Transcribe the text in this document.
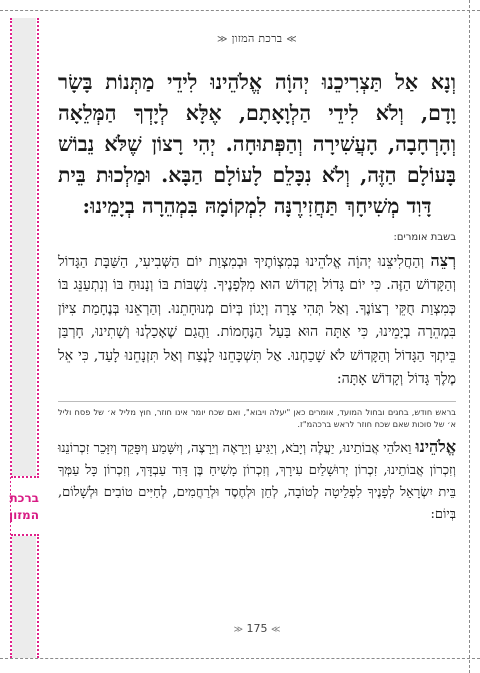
ברכת
המזון
≫ ברכת המזון ≪
וְנָא אַל תַּצְרִיכֵנוּ יְהוָֹה אֱלֹהֵינוּ לִידֵי מַתְּנוֹת בָּשָׂר וָדָם, וְלֹא לִידֵי הַלְוָאָתָם, אֶלָּא לְיָדְךָ הַמְּלֵאָה וְהָרְחָבָה, הָעֲשִׁירָה וְהַפְּתוּחָה. יְהִי רָצוֹן שֶׁלֹּא נֵבוֹשׁ בָּעוֹלָם הַזֶּה, וְלֹא נִכָּלֵם לָעוֹלָם הַבָּא. וּמַלְכוּת בֵּית דָּוִד מְשִׁיחָךְ תַּחֲזִירֶנָּה לִמְקוֹמָהּ בִּמְהֵרָה בְיָמֵינוּ:
בשבת אומרים:
רְצֵה וְהַחֲלִיצֵנוּ יְהוָֹה אֱלֹהֵינוּ בְּמִצְוֹתֶיךָ וּבְמִצְוַת יוֹם הַשְּׁבִיעִי, הַשַּׁבָּת הַגָּדוֹל וְהַקָּדוֹשׁ הַזֶּה. כִּי יוֹם גָּדוֹל וְקָדוֹשׁ הוּא מִלְּפָנֶיךָ. נִשְׁבּוֹת בּוֹ וְנָנוּחַ בּוֹ וְנִתְעַנֵּג בּוֹ כְּמִצְוַת חֻקֵּי רְצוֹנֶךָ. וְאַל תְּהִי צָרָה וְיָגוֹן בְּיוֹם מְנוּחָתֵנוּ. וְהַרְאֵנוּ בְּנֶחָמַת צִיּוֹן בִּמְהֵרָה בְיָמֵינוּ, כִּי אַתָּה הוּא בַּעַל הַנֶּחָמוֹת. וַהֲגַם שֶׁאָכַלְנוּ וְשָׁתִינוּ, חָרְבַּן בֵּיתְךָ הַגָּדוֹל וְהַקָּדוֹשׁ לֹא שָׁכַחְנוּ. אַל תִּשְׁכָּחֵנוּ לָנֶצַח וְאַל תִּזְנָחֵנוּ לָעַד, כִּי אֵל מֶלֶךְ גָּדוֹל וְקָדוֹשׁ אָתָּה:
בראש חודש, בחגים ובחול המועד, אומרים כאן "יעלה ויבוא", ואם שכח יומר אינו חוזר, חוץ מליל א׳ של פסח וליל א׳ של סוכות שאם שכח חוזר לראש ברכהמ"ז.
אֱלֹהֵינוּ וֵאלֹהֵי אֲבוֹתֵינוּ, יַעֲלֶה וְיָבֹא, וְיַגִּיעַ וְיֵרָאֶה וְיֵרָצֶה, וְיִשָּׁמַע וְיִפָּקֵד וְיִזָּכֵר זִכְרוֹנֵנוּ וְזִכְרוֹן אֲבוֹתֵינוּ, זִכְרוֹן יְרוּשָׁלַיִם עִירָךְ, וְזִכְרוֹן מָשִׁיחַ בֶּן דָּוִד עַבְדָּךְ, וְזִכְרוֹן כָּל עַמְּךָ בֵּית יִשְׂרָאֵל לְפָנֶיךָ לִפְלֵיטָה לְטוֹבָה, לְחֵן וּלְחֶסֶד וּלְרַחֲמִים, לְחַיִּים טוֹבִים וּלְשָׁלוֹם, בְּיוֹם:
≫ 175 ≪
